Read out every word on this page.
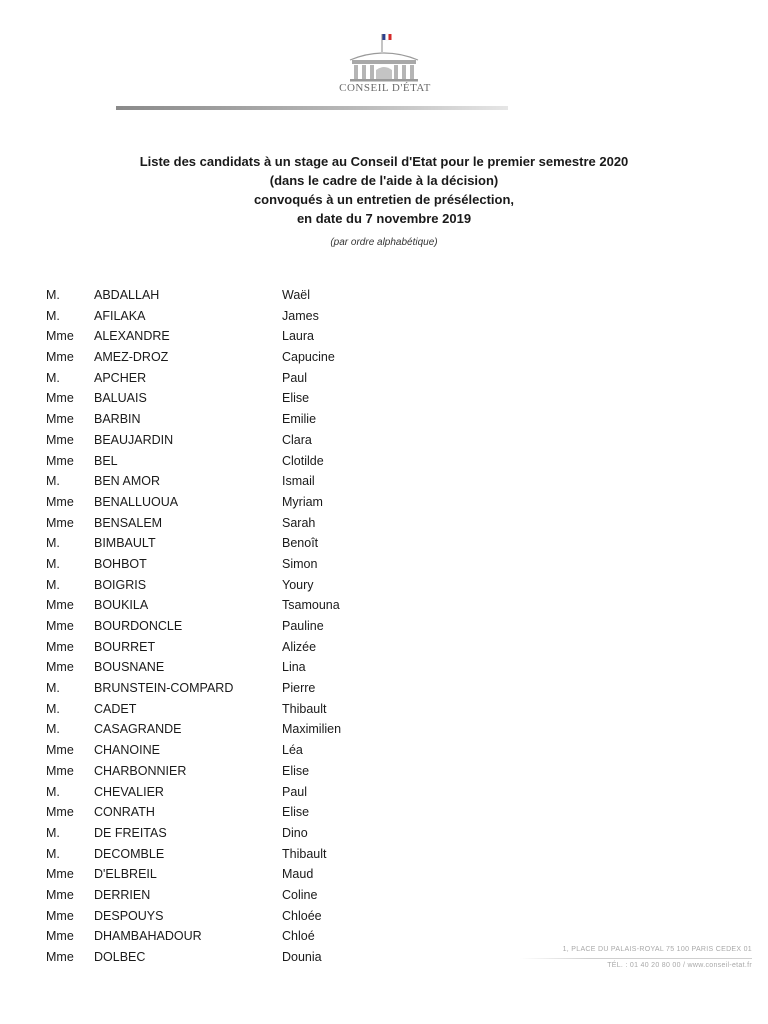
CONSEIL D'ÉTAT
Liste des candidats à un stage au Conseil d'Etat pour le premier semestre 2020
(dans le cadre de l'aide à la décision)
convoqués à un entretien de présélection,
en date du 7 novembre 2019
(par ordre alphabétique)
M.	ABDALLAH	Waël
M.	AFILAKA	James
Mme ALEXANDRE	Laura
Mme AMEZ-DROZ	Capucine
M.	APCHER	Paul
Mme BALUAIS	Elise
Mme BARBIN	Emilie
Mme BEAUJARDIN	Clara
Mme BEL	Clotilde
M.	BEN AMOR	Ismail
Mme BENALLUOUA	Myriam
Mme BENSALEM	Sarah
M.	BIMBAULT	Benoît
M.	BOHBOT	Simon
M.	BOIGRIS	Youry
Mme BOUKILA	Tsamouna
Mme BOURDONCLE	Pauline
Mme BOURRET	Alizée
Mme BOUSNANE	Lina
M.	BRUNSTEIN-COMPARD	Pierre
M.	CADET	Thibault
M.	CASAGRANDE	Maximilien
Mme CHANOINE	Léa
Mme CHARBONNIER	Elise
M.	CHEVALIER	Paul
Mme CONRATH	Elise
M.	DE FREITAS	Dino
M.	DECOMBLE	Thibault
Mme D'ELBREIL	Maud
Mme DERRIEN	Coline
Mme DESPOUYS	Chloée
Mme DHAMBAHADOUR	Chloé
Mme DOLBEC	Dounia
1, PLACE DU PALAIS-ROYAL 75 100 PARIS CEDEX 01
TÉL. : 01 40 20 80 00 / www.conseil-etat.fr
